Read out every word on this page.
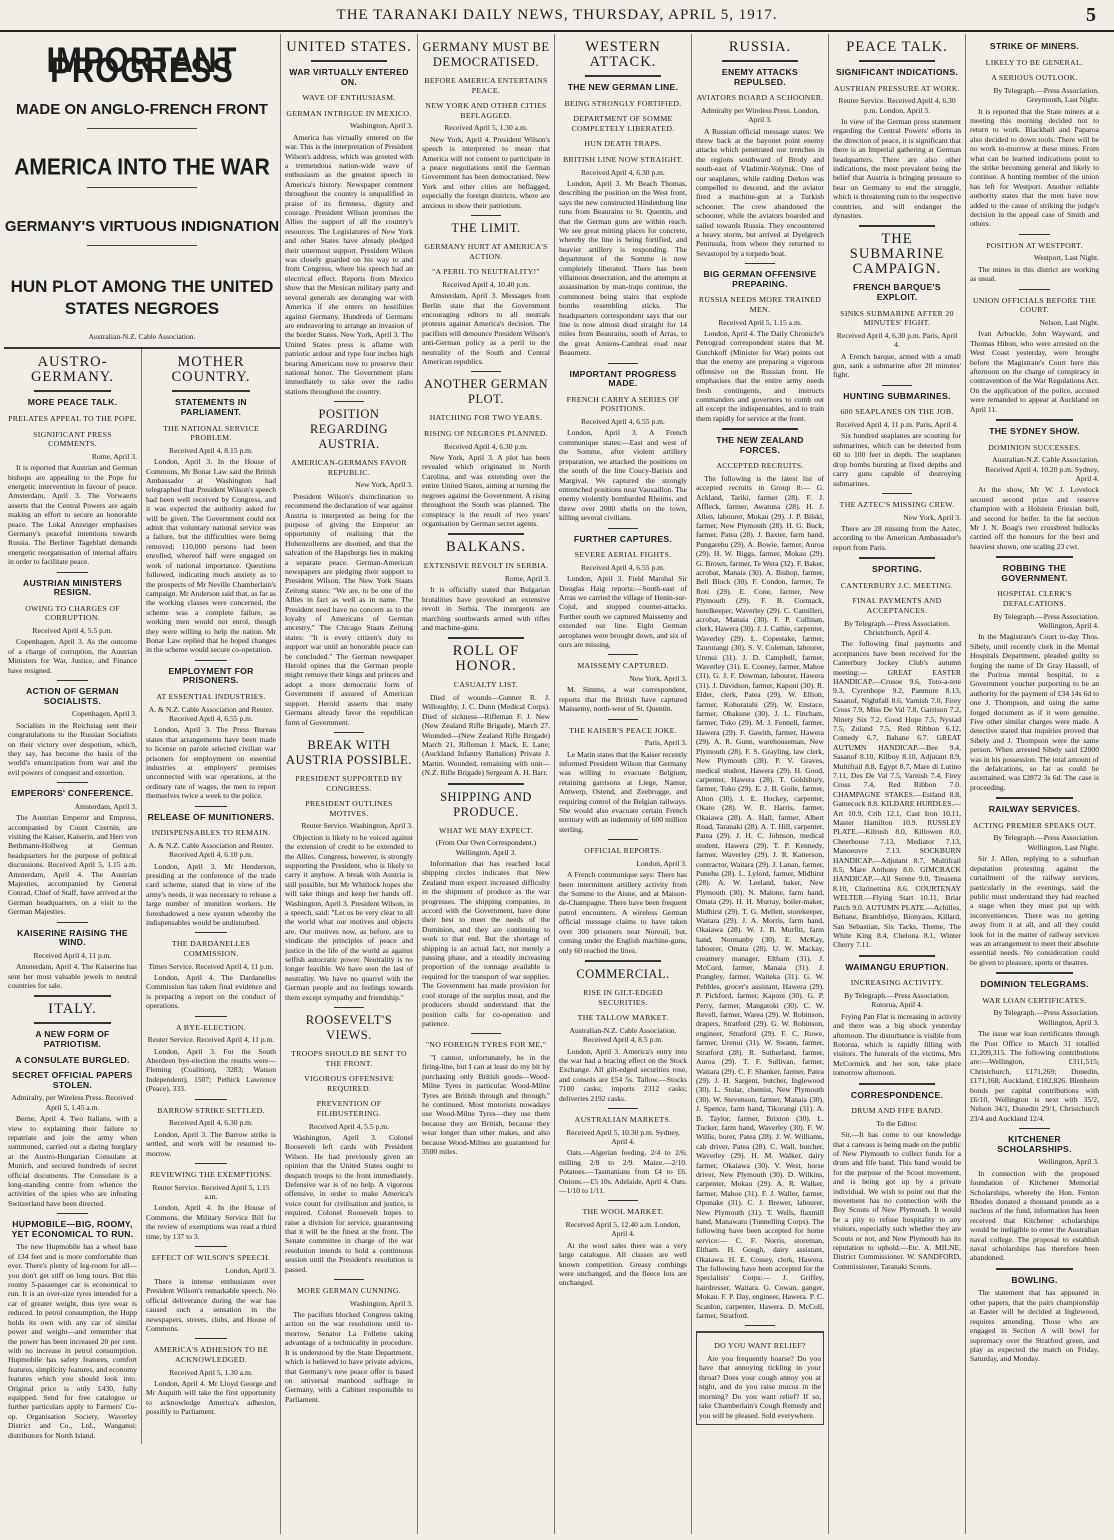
THE TARANAKI DAILY NEWS, THURSDAY, APRIL 5, 1917.	5
IMPORTANT PROGRESS
MADE ON ANGLO-FRENCH FRONT
AMERICA INTO THE WAR
GERMANY'S VIRTUOUS INDIGNATION
HUN PLOT AMONG THE UNITED STATES NEGROES
Australian-N.Z. Cable Association.
AUSTRO-GERMANY.
MORE PEACE TALK.
PRELATES APPEAL TO THE POPE.
SIGNIFICANT PRESS COMMENTS.
Rome, April 3.
It is reported that Austrian and German bishops are appealing to the Pope for energetic intervention in favour of peace. Amsterdam, April 3. The Vorwaerts asserts that the Central Powers are again making an effort to secure an honorable peace. The Lokal Anzeiger emphasises Germany's peaceful intentions towards Russia. The Berliner Tageblatt demands energetic reorganisation of internal affairs in order to facilitate peace.
AUSTRIAN MINISTERS RESIGN.
OWING TO CHARGES OF CORRUPTION.
Received April 4, 5.5 p.m.
Copenhagen, April 3. As the outcome of a charge of corruption, the Austrian Ministers for War, Justice, and Finance have resigned.
ACTION OF GERMAN SOCIALISTS.
Copenhagen, April 3.
Socialists in the Reichstag sent their congratulations to the Russian Socialists on their victory over despotism, which, they say, has become the basis of the world's emancipation from war and the evil powers of conquest and extortion.
EMPERORS' CONFERENCE.
Amsterdam, April 3.
The Austrian Emperor and Empress, accompanied by Count Czernin, are visiting the Kaiser, Kaiserin, and Herr von Bethmann-Hollweg at German headquarters for the purpose of political discussions. Received April 5, 1.15 a.m. Amsterdam, April 4. The Austrian Majesties, accompanied by General Conrad, Chief of Staff, have arrived at the German headquarters, on a visit to the German Majesties.
KAISERINE RAISING THE WIND.
Received April 4, 11 p.m.
Amsterdam, April 4. The Kaiserine has sent her most valuable jewels to neutral countries for sale.
ITALY.
A NEW FORM OF PATRIOTISM.
A CONSULATE BURGLED.
SECRET OFFICIAL PAPERS STOLEN.
Admiralty, per Wireless Press. Received April 5, 1.45 a.m.
Berne, April 4. Two Italians, with a view to explaining their failure to repatriate and join the army when summoned, carried out a daring burglary at the Austro-Hungarian Consulate at Munich, and secured hundreds of secret official documents. The Consulate is a long-standing centre from whence the activities of the spies who are infesting Switzerland have been directed.
HUPMOBILE—BIG, ROOMY, YET ECONOMICAL TO RUN.
The new Hupmobile has a wheel base of 134 feet and is more comfortable than ever. There's plenty of leg-room for all—you don't get stiff on long tours. But this roomy 5-passenger car is economical to run. It is an over-size tyres intended for a car of greater weight, thus tyre wear is reduced. In petrol consumption, the Hupp holds its own with any car of similar power and weight—and remember that the power has been increased 20 per cent. with no increase in petrol consumption. Hupmobile has safety features, comfort features, simplicity features, and economy features which you should look into. Original price is only £430, fully equipped. Send for free catalogue or further particulars apply to Farmers' Co-op. Organisation Society, Waverley District and Co., Ltd., Wanganui; distributors for North Island.
MOTHER COUNTRY.
STATEMENTS IN PARLIAMENT.
THE NATIONAL SERVICE PROBLEM.
Received April 4, 8.15 p.m.
London, April 3. In the House of Commons, Mr Bonar Law said the British Ambassador at Washington had telegraphed that President Wilson's speech had been well received by Congress, and it was expected the authority asked for will be given. The Government could not admit that voluntary national service was a failure, but the difficulties were being removed; 110,000 persons had been enrolled, whereof half were engaged on work of national importance. Questions followed, indicating much anxiety as to the prospects of Mr Neville Chamberlain's campaign. Mr Anderson said that, as far as the working classes were concerned, the scheme was a complete failure, as working men would not enrol, though they were willing to help the nation. Mr Bonar Law replied that he hoped changes in the scheme would secure co-operation.
EMPLOYMENT FOR PRISONERS.
AT ESSENTIAL INDUSTRIES.
A. & N.Z. Cable Association and Reuter. Received April 4, 6.55 p.m.
London, April 3. The Press Bureau states that arrangements have been made to license on parole selected civilian war prisoners for employment on essential industries at employers' premises unconnected with war operations, at the ordinary rate of wages, the men to report themselves twice a week to the police.
RELEASE OF MUNITIONERS.
INDISPENSABLES TO REMAIN.
A. & N.Z. Cable Association and Reuter. Received April 4, 6.10 p.m.
London, April 3. Mr Henderson, presiding at the conference of the trade card scheme, stated that in view of the army's needs, it was necessary to release a large number of munition workers. He foreshadowed a new system whereby the indispensables would be undisturbed.
THE DARDANELLES COMMISSION.
Times Service. Received April 4, 11 p.m.
London, April 4. The Dardanelles Commission has taken final evidence and is preparing a report on the conduct of operations.
A BYE-ELECTION.
Reuter Service. Received April 4, 11 p.m.
London, April 3. For the South Aberdeen bye-election the results were—Fleming (Coalition), 3283; Watson Independent), 1507; Pethick Lawrence (Peace), 333.
BARROW STRIKE SETTLED.
Received April 4, 6.30 p.m.
London, April 3. The Barrow strike is settled, and work will be resumed to-morrow.
REVIEWING THE EXEMPTIONS.
Reuter Service. Received April 5, 1.15 a.m.
London, April 4. In the House of Commons, the Military Service Bill for the review of exemptions was read a third time, by 137 to 3.
EFFECT OF WILSON'S SPEECH.
London, April 3.
There is intense enthusiasm over President Wilson's remarkable speech. No official deliverance during the war has caused such a sensation in the newspapers, streets, clubs, and House of Commons.
AMERICA'S ADHESION TO BE ACKNOWLEDGED.
Received April 5, 1.30 a.m.
London, April 4. Mr Lloyd George and Mr Asquith will take the first opportunity to acknowledge America's adhesion, possibly to Parliament.
UNITED STATES.
WAR VIRTUALLY ENTERED ON.
WAVE OF ENTHUSIASM.
GERMAN INTRIGUE IN MEXICO.
Washington, April 3.
America has virtually entered on the war. This is the interpretation of President Wilson's address, which was greeted with a tremendous nation-wide wave of enthusiasm as the greatest speech in America's history. Newspaper comment throughout the country is unqualified in praise of its firmness, dignity and courage. President Wilson promises the Allies the support of all the country's resources. The Legislatures of New York and other States have already pledged their uttermost support. President Wilson was closely guarded on his way to and from Congress, where his speech had an electrical effect. Reports from Mexico show that the Mexican military party and several generals are deranging war with America if she enters on hostilities against Germany. Hundreds of Germans are endeavoring to arrange an invasion of the border States. New York, April 3. The United States press is aflame with patriotic ardour and type four inches high bearing Americans now to preserve their national honor. The Government plans immediately to take over the radio stations throughout the country.
POSITION REGARDING AUSTRIA.
AMERICAN-GERMANS FAVOR REPUBLIC.
New York, April 3.
President Wilson's disinclination to recommend the declaration of war against Austria is interpreted as being for the purpose of giving the Emperor an opportunity of realising that the Hohenzollerns are doomed, and that the salvation of the Hapsburgs lies in making a separate peace. German-American newspapers are pledging their support to President Wilson. The New York Staats Zeitung states: "We are, to be one of the Allies in fact as well as in name. The President need have no concern as to the loyalty of Americans of German ancestry." The Chicago Staats Zeitung states: "It is every citizen's duty to support war until an honorable peace can be concluded." The German newspaper Herold opines that the German people might remove their kings and princes and adopt a more democratic form of Government if assured of American support. Herold asserts that many Germans already favor the republican form of Government.
BREAK WITH AUSTRIA POSSIBLE.
PRESIDENT SUPPORTED BY CONGRESS.
PRESIDENT OUTLINES MOTIVES.
Reuter Service. Washington, April 3.
Objection is likely to be voiced against the extension of credit to be extended to the Allies. Congress, however, is strongly supporting the President, who is likely to carry it anyhow. A break with Austria is still possible, but Mr Whitlock hopes she will take things and keep her hands off. Washington, April 3. President Wilson, in a speech, said: "Let us be very clear to all the world what our motives and objects are. Our motives now, as before, are to vindicate the principles of peace and justice in the life of the world as against selfish autocratic power. Neutrality is no longer feasible. We have seen the last of neutrality. We have no quarrel with the German people and no feelings towards them except sympathy and friendship."
ROOSEVELT'S VIEWS.
TROOPS SHOULD BE SENT TO THE FRONT.
VIGOROUS OFFENSIVE REQUIRED.
PREVENTION OF FILIBUSTERING.
Received April 4, 5.5 p.m.
Washington, April 3. Colonel Roosevelt left cards with President Wilson. He had previously given an opinion that the United States ought to despatch troops to the front immediately. Defensive war is of no help. A vigorous offensive, in order to make America's voice count for civilisation and justice, is required. Colonel Roosevelt hopes to raise a division for service, guaranteeing that it will be the finest at the front. The Senate committee in charge of the war resolution intends to hold a continuous session until the President's resolution is passed.
MORE GERMAN CUNNING.
Washington, April 3.
The pacifists blocked Congress taking action on the war resolutions until to-morrow, Senator La Follette taking advantage of a technicality in procedure. It is understood by the State Department, which is believed to have private advices, that Germany's new peace offer is based on universal manhood suffrage in Germany, with a Cabinet responsible to Parliament.
GERMANY MUST BE DEMOCRATISED.
BEFORE AMERICA ENTERTAINS PEACE.
NEW YORK AND OTHER CITIES BEFLAGGED.
Received April 5, 1.30 a.m.
New York, April 4. President Wilson's speech is interpreted to mean that America will not consent to participate in a peace negotiations until the German Government has been democratised. New York and other cities are beflagged, especially the foreign districts, where are anxious to show their patriotism.
THE LIMIT.
GERMANY HURT AT AMERICA'S ACTION.
"A PERIL TO NEUTRALITY!"
Received April 4, 10.40 p.m.
Amsterdam, April 3. Messages from Berlin state that the Government encouraging editors to all neutrals protests against America's decision. The pacifists will denounce President Wilson's anti-German policy as a peril to the neutrality of the South and Central American republics.
ANOTHER GERMAN PLOT.
HATCHING FOR TWO YEARS.
RISING OF NEGROES PLANNED.
Received April 4, 6.30 p.m.
New York, April 3. A plot has been revealed which originated in North Carolina, and was extending over the entire United States, aiming at turning the negroes against the Government. A rising throughout the South was planned. The conspiracy is the result of two years' organisation by German secret agents.
BALKANS.
EXTENSIVE REVOLT IN SERBIA.
Rome, April 3.
It is officially stated that Bulgarian brutalities have provoked an extensive revolt in Serbia. The insurgents are marching southwards armed with rifles and machine-guns.
ROLL OF HONOR.
CASUALTY LIST.
Died of wounds—Gunner R. J. Willoughby, J. C. Dunn (Medical Corps). Died of sickness—Rifleman F. J. New (New Zealand Rifle Brigade), March 27. Wounded—(New Zealand Rifle Brigade) March 21, Rifleman J. Mack, E. Lane; (Auckland Infantry Battalion) Private J. Martin. Wounded, remaining with unit—(N.Z. Rifle Brigade) Sergeant A. H. Barr.
SHIPPING AND PRODUCE.
WHAT WE MAY EXPECT.
(From Our Own Correspondent.) Wellington, April 3.
Information that has reached local shipping circles indicates that New Zealand must expect increased difficulty in the shipment of produce as the war progresses. The shipping companies, in accord with the Government, have done their best to meet the needs of the Dominion, and they are continuing to work to that end. But the shortage of shipping is an actual fact, not merely a passing phase, and a steadily increasing proportion of the tonnage available is required for the transport of war supplies. The Government has made provision for cool storage of the surplus meat, and the producers should understand that the position calls for co-operation and patience.
"NO FOREIGN TYRES FOR ME,"
"I cannot, unfortunately, be in the firing-line, but I can at least do my bit by purchasing only British goods—Wood-Milne Tyres in particular. Wood-Milne Tyres are British through and through," he continued. Most motorists nowadays use Wood-Milne Tyres—they use them because they are British, because they wear longer than other makes, and also because Wood-Milnes are guaranteed for 3500 miles.
WESTERN ATTACK.
THE NEW GERMAN LINE.
BEING STRONGLY FORTIFIED.
DEPARTMENT OF SOMME COMPLETELY LIBERATED.
HUN DEATH TRAPS.
BRITISH LINE NOW STRAIGHT.
Received April 4, 6.30 p.m.
London, April 3. Mr Beach Thomas, describing the position on the West front, says the new constructed Hindenburg line runs from Beaurains to St. Quentin, and that the German guns are within reach. We see great mining places for concrete, whereby the line is being fortified, and heavier artillery is responding. The department of the Somme is now completely liberated. There has been villainous desecration, and the attempts at assassination by man-traps continue, the commonest being stairs that explode bombs resembling sticks. The headquarters correspondent says that our line is now almost dead straight for 14 miles from Beaurains, south of Arras, to the great Amiens-Cambrai road near Beaumetz.
IMPORTANT PROGRESS MADE.
FRENCH CARRY A SERIES OF POSITIONS.
Received April 4, 6.55 p.m.
London, April 3. A French communique states:—East and west of the Somme, after violent artillery preparation, we attacked the positions on the south of the line Coucy-Barisis and Margival. We captured the strongly entrenched positions near Vauxaillon. The enemy violently bombarded Rheims, and threw over 2000 shells on the town, killing several civilians.
FURTHER CAPTURES.
SEVERE AERIAL FIGHTS.
Received April 4, 6.55 p.m.
London, April 3. Field Marshal Sir Douglas Haig reports:—South-east of Arras we carried the village of Henin-sur-Cojul, and stopped counter-attacks. Further south we captured Maissemy and extended our line. Eight German aeroplanes were brought down, and six of ours are missing.
MAISSEMY CAPTURED.
New York, April 3.
M. Simms, a war correspondent, reports that the British have captured Maissemy, north-west of St. Quentin.
THE KAISER'S PEACE JOKE.
Paris, April 3.
Le Matin states that the Kaiser recently informed President Wilson that Germany was willing to evacuate Belgium, retaining garrisons at Liege, Namur, Antwerp, Ostend, and Zeebrugge, and requiring control of the Belgian railways. She would also evacuate certain French territory with an indemnity of 600 million sterling.
OFFICIAL REPORTS.
London, April 3.
A French communique says: There has been intermittent artillery activity from the Somme to the Aisne, and at Maison-de-Champagne. There have been frequent patrol encounters. A wireless German official message claims to have taken over 300 prisoners near Noreuil, but, coming under the English machine-guns, only 60 reached the lines.
COMMERCIAL.
RISE IN GILT-EDGED SECURITIES.
THE TALLOW MARKET.
Australian-N.Z. Cable Association. Received April 4, 8.5 p.m.
London, April 3. America's entry into the war had a bracing effect on the Stock Exchange. All gilt-edged securities rose, and consols are £54 5s. Tallow.—Stocks 7100 casks; imports 2312 casks; deliveries 2192 casks.
AUSTRALIAN MARKETS.
Received April 5, 10.30 p.m. Sydney, April 4.
Oats.—Algerian feeding, 2/4 to 2/6; milling 2/8 to 2/9. Maize.—2/10. Potatoes.—Tasmanians from £4 to £6. Onions.—£5 10s. Adelaide, April 4. Oats.—1/10 to 1/11.
THE WOOL MARKET.
Received April 5, 12.40 a.m. London, April 4.
At the wool sales there was a very large catalogue. All classes are well known competition. Greasy combings were unchanged, and the fleece lots are unchanged.
RUSSIA.
ENEMY ATTACKS REPULSED.
AVIATORS BOARD A SCHOONER.
Admiralty per Wireless Press. London, April 3.
A Russian official message states: We threw back at the bayonet point enemy attacks which penetrated our trenches in the regions southward of Brody and south-east of Vladimir-Volynsk. One of our seaplanes, while raiding Derkos was compelled to descend, and the aviator fired a machine-gun at a Turkish schooner. The crew abandoned the schooner, while the aviators boarded and sailed towards Russia. They encountered a heavy storm, but arrived at Dyelgrech Peninsula, from where they returned to Sevastopol by a torpedo boat.
BIG GERMAN OFFENSIVE PREPARING.
RUSSIA NEEDS MORE TRAINED MEN.
Received April 5, 1.15 a.m.
London, April 4. The Daily Chronicle's Petrograd correspondent states that M. Gutchkoff (Minister for War) points out that the enemy are preparing a vigorous offensive on the Russian front. He emphasises that the entire army needs fresh contingents, and instructs commanders and governors to comb out all except the indispensables, and to train them rapidly for service at the front.
THE NEW ZEALAND FORCES.
ACCEPTED RECRUITS.
The following is the latest list of accepted recruits in Group 8:— G. Ackland, Tariki, farmer (28). F. J. Affleck, farmer, Awatuna (28). H. J. Allen, labourer, Mokau (29). J. P. Bilski, farmer, New Plymouth (28). H. G. Buck, farmer, Patea (28). J. Baxter, farm hand, Pungarehu (29). A. Bowie, farmer, Auroa (29). H. W. Biggs, farmer, Mokau (29). G. Brown, farmer, Te Wera (32). F. Baker, acrobat, Manaia (30). A. Bishop, farmer, Bell Block (30). F. Condon, farmer, Te Roti (29). E. Cone, farmer, New Plymouth (29). F. B. Cormack, hotelkeeper, Waverley (29). C. Camilleri, acrobat, Manaia (30). F. P. Cullinan, clerk, Hawera (30). J. J. Cathie, carpenter, Waverley (29). L. Copestake, farmer, Taurutangi (30). S. V. Coleman, labourer, Urenui (31). J. D. Campbell, farmer, Waverley (31). E. Cooney, farmer, Mahoe (31). G. J. F. Dowman, labourer, Hawera (31). J. Davidson, farmer, Kaponi (30). R. Elder, clerk, Patea (29). W. Elliott, farmer, Kohuratahi (29). W. Enstace, farmer, Ohakune (30). J. L. Fincham, farmer, Toko (29). M. J. Fennell, farmer, Hawera (29). F. Gawith, farmer, Hawera (29). A. R. Gunn, warehouseman, New Plymouth (28). F. S. Grayling, law clerk, New Plymouth (28). P. V. Graves, medical student, Hawera (29). H. Good, carpenter, Hawera (28). T. Goldsbury, farmer, Toko (29). E. J. B. Goile, farmer, Alton (30). J. E. Hockey, carpenter, Okato (28). W. R. Harris, farmer, Okaiawa (28). A. Hall, farmer, Albert Road, Taranaki (28). A. T. Hill, carpenter, Patea (29). J. H. C. Johnson, medical student, Hawera (29). T. P. Kennedy, farmer, Waverley (29). J. R. Katterson, contractor, Waitara (29). J. Lanan, farmer, Punehu (28). L. Lyford, farmer, Midhirst (28). A. W. Leeland, baker, New Plymouth (30). N. Malone, farm hand, Omata (29). H. H. Murray, boiler-maker, Midhirst (29). T. G. Mellett, storekeeper, Waitara (29). J. A. Morris, farm hand, Okaiawa (28). W. J. B. Murfitt, farm hand, Normanby (30). E. McKay, labourer, Omata (28). U. W. Mackay, creamery manager, Eltham (31). J. McCord, farmer, Manaia (31). J. Prangley, farmer, Waiteka (31). G. W. Pebbles, grocer's assistant, Hawera (29). P. Pickford, farmer, Kaponi (30). G. P. Perry, farmer, Mangatoki (30). C. W. Revell, farmer, Warea (29). W. Robinson, drapers, Stratford (29). G. W. Robinson, engineer, Stratford (29). F. C. Rowe, farmer, Urenui (31). W. Swann, farmer, Stratford (28). R. Sutherland, farmer, Auroa (29). T. F. Sullivan, farmer, Waitara (29). C. F. Shanker, farmer, Patea (29). J. H. Sargent, butcher, Inglewood (30). L. Stolar, chemist, New Plymouth (30). W. Stevenson, farmer, Manaia (30). J. Spence, farm hand, Tikorangi (31). A. B. Taylor, farmer, Brixton (30). L. Tucker, farm hand, Waverley (30). F. W. Willis, borer, Patea (28). J. W. Williams, cab driver, Patea (28). C. Wall, butcher, Waverley (29). H. M. Walker, dairy farmer, Okaiawa (30). V. West, horse driver, New Plymouth (30). D. Wilkins, carpenter, Mokau (29). A. R. Walker, farmer, Mahoe (31). F. J. Waller, farmer, Opunake (31). C. J. Brewer, labourer, New Plymouth (31). T. Wells, flaxmill hand, Manawatu (Tunnelling Corps). The following have been accepted for home service:— C. F. Norris, storeman, Eltham. H. Gough, dairy assistant, Okaiawa. H. E. Cossey, clerk, Hawera. The following have been accepted for the Specialists' Corps:— J. Griffey, hairdresser, Waitara. G. Cowan, ganger, Mokau. F. P. Day, engineer, Hawera. P. C. Scanlon, carpenter, Hawera. D. McColl, farmer, Stratford.
DO YOU WANT RELIEF?
Are you frequently hoarse? Do you have that annoying tickling in your throat? Does your cough annoy you at night, and do you raise mucus in the morning? Do you want relief? If so, take Chamberlain's Cough Remedy and you will be pleased. Sold everywhere.
PEACE TALK.
SIGNIFICANT INDICATIONS.
AUSTRIAN PRESSURE AT WORK.
Reuter Service. Received April 4, 6.30 p.m. London, April 3.
In view of the German press statement regarding the Central Powers' efforts in the direction of peace, it is significant that there is an Imperial gathering at German headquarters. There are also other indications, the most prevalent being the belief that Austria is bringing pressure to bear on Germany to end the struggle, which is threatening ruin to the respective countries, and will endanger the dynasties.
THE SUBMARINE CAMPAIGN.
FRENCH BARQUE'S EXPLOIT.
SINKS SUBMARINE AFTER 20 MINUTES' FIGHT.
Received April 4, 6.30 p.m. Paris, April 4.
A French barque, armed with a small gun, sank a submarine after 20 minutes' fight.
HUNTING SUBMARINES.
600 SEAPLANES ON THE JOB.
Received April 4, 11 p.m. Paris, April 4.
Six hundred seaplanes are scouting for submarines, which can be detected from 60 to 100 feet in depth. The seaplanes drop bombs bursting at fixed depths and carry guns capable of destroying submarines.
THE AZTEC'S MISSING CREW.
New York, April 3.
There are 28 missing from the Aztec, according to the American Ambassador's report from Paris.
SPORTING.
CANTERBURY J.C. MEETING.
FINAL PAYMENTS AND ACCEPTANCES.
By Telegraph.—Press Association. Christchurch, April 4.
The following final payments and acceptances have been received for the Canterbury Jockey Club's autumn meeting:— GREAT EASTER HANDICAP.—Crusoe 9.6, Toto-a-tete 9.3, Cyrenhope 9.2, Panmure 8.13, Sasanof, Nightfall 8.6, Varnish 7.0, Firey Cross 7.9, Miss De Val 7.8, Garrison 7.2, Ninety Six 7.2, Good Hope 7.5, Nystad 7.5, Zuland 7.5, Red Ribbon 6.12, Comedy 6.7, Bahane 6.7. GREAT AUTUMN HANDICAP.—Bee 9.4, Sasanof 8.10, Kilboy 8.10, Adjutant 8.9, Multifrail 8.8, Egypt 8.7, Mare di Lutino 7.11, Des De Val 7.5, Varnish 7.4, Firey Cross 7.4, Red Ribbon 7.0. CHAMPAGNE STAKES.—Estland 8.8, Gamecock 8.8. KILDARE HURDLES.—Art 10.9, Crib 12.1, Cast Iron 10.11, Master Hamilton 10.9. RUSSLEY PLATE.—Kilrush 8.0, Killowen 8.0, Cheerhouse 7.13, Mediator 7.13, Manoeuvre 7.13. SOCKBURN HANDICAP.—Adjutant 8.7, Multifrail 8.5, Mare Anthony 8.0. GIMCRACK HANDICAP.—All Serene 9.0, Treasena 8.10, Clarinettina 8.6. COURTENAY WELTER.—Flying Start 10.11, Briar Patch 9.0. AUTUMN PLATE.—Achilles, Beltane, Bramblelye, Bionyaus, Killard, San Sebastian, Six Tacks, Theme, The White King 8.4, Chelona 8.1, Winter Cherry 7.11.
WAIMANGU ERUPTION.
INCREASING ACTIVITY.
By Telegraph.—Press Association. Rotorua, April 4.
Frying Pan Flat is increasing in activity and there was a big shock yesterday afternoon. The disturbance is visible from Rotorua, which is rapidly filling with visitors. The funerals of the victims, Mrs McCormick and her son, take place tomorrow afternoon.
CORRESPONDENCE.
DRUM AND FIFE BAND.
To the Editor.
Sir,—It has come to our knowledge that a canvass is being made on the public of New Plymouth to collect funds for a drum and fife band. This band would be for the purpose of the Scout movement, and is being got up by a private individual. We wish to point out that the movement has no connection with the Boy Scouts of New Plymouth. It would be a pity to refuse hospitality to any visitors, especially such whether they are Scouts or not, and New Plymouth has its reputation to uphold.—Etc. A. MILNE, District Commissioner. W. SANDFORD, Commissioner, Taranaki Scouts.
STRIKE OF MINERS.
LIKELY TO BE GENERAL.
A SERIOUS OUTLOOK.
By Telegraph.—Press Association. Greymouth, Last Night.
It is reported that the State miners at a meeting this morning decided not to return to work. Blackball and Paparoa also decided to down tools. There will be no work to-morrow at these mines. From what can be learned indications point to the strike becoming general and likely to continue. A hunting member of the union has left for Westport. Another reliable authority states that the men have now added to the cause of striking the judge's decision in the appeal case of Smith and others.
POSITION AT WESTPORT.
Westport, Last Night.
The mines in this district are working as usual.
UNION OFFICIALS BEFORE THE COURT.
Nelson, Last Night.
Ivan Arbuckle, John Wayward, and Thomas Hibon, who were arrested on the West Coast yesterday, were brought before the Magistrate's Court here this afternoon on the charge of conspiracy in contravention of the War Regulations Act. On the application of the police, accused were remanded to appear at Auckland on April 11.
THE SYDNEY SHOW.
DOMINION SUCCESSES.
Australian-N.Z. Cable Association. Received April 4, 10.20 p.m. Sydney, April 4.
At the show, Mr W. J. Lovelock secured second prize and reserve champion with a Holstein Friesian bull, and second for heifer. In the fat section Mr J. N. Boag's two crossbred bullocks carried off the honours for the best and heaviest shown, one scaling 23 cwt.
ROBBING THE GOVERNMENT.
HOSPITAL CLERK'S DEFALCATIONS.
By Telegraph.—Press Association. Wellington, April 4.
In the Magistrate's Court to-day Thos. Sibely, until recently clerk in the Mental Hospitals Department, pleaded guilty to forging the name of Dr Gray Hassell, of the Porirua mental hospital, to a Government voucher purporting to be an authority for the payment of £34 14s 6d to one J. Thompson, and using the same forged document as if it were genuine. Five other similar charges were made. A detective stated that inquiries proved that Sibely and J. Thompson were the same person. When arrested Sibely said £2000 was in his possession. The total amount of the defalcations, so far as could be ascertained, was £2872 3s 6d. The case is proceeding.
RAILWAY SERVICES.
ACTING PREMIER SPEAKS OUT.
By Telegraph.—Press Association. Wellington, Last Night.
Sir J. Allen, replying to a suburban deputation protesting against the curtailment of the railway services, particularly in the evenings, said the public must understand they had reached a stage when they must put up with inconveniences. There was no getting away from it at all, and all they could look for in the matter of railway services was an arrangement to meet their absolute essential needs. No consideration could be given to pleasure, sports or theatres.
DOMINION TELEGRAMS.
WAR LOAN CERTIFICATES.
By Telegraph.—Press Association. Wellington, April 3.
The issue war loan certificates through the Post Office to March 31 totalled £1,209,315. The following contributions are:—Wellington, £311,515; Christchurch, £171,269; Dunedin, £171,168; Auckland, £182,826. Blenheim bonds per capital contributions with £6/10, Wellington is next with 35/2, Nelson 34/1, Dunedin 29/1, Christchurch 23/4 and Auckland 12/4.
KITCHENER SCHOLARSHIPS.
Wellington, April 3.
In connection with the proposed foundation of Kitchener Memorial Scholarships, whereby the Hon. Fenton Rhodes donated a thousand pounds as a nucleus of the fund, information has been received that Kitchener scholarships would be ineligible to enter the Australian naval college. The proposal to establish naval scholarships has therefore been abandoned.
BOWLING.
The statement that has appeared in other papers, that the pairs championship at Easter will be decided at Inglewood, requires amending. Those who are engaged in Section A will bowl for supremacy over the Stratford green, and play as expected the match on Friday, Saturday, and Monday.
